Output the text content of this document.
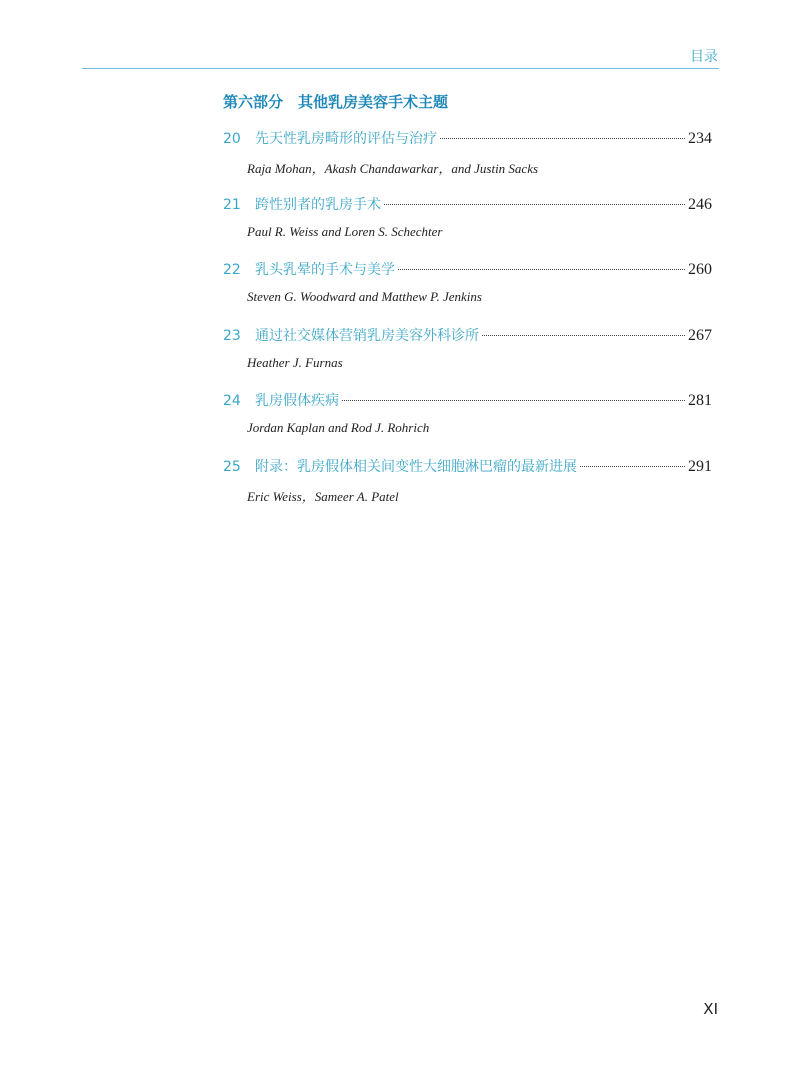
目录
第六部分　其他乳房美容手术主题
20	先天性乳房畸形的评估与治疗	234
Raja Mohan，Akash Chandawarkar，and Justin Sacks
21	跨性别者的乳房手术	246
Paul R. Weiss and Loren S. Schechter
22	乳头乳晕的手术与美学	260
Steven G. Woodward and Matthew P. Jenkins
23	通过社交媒体营销乳房美容外科诊所	267
Heather J. Furnas
24	乳房假体疾病	281
Jordan Kaplan and Rod J. Rohrich
25	附录：乳房假体相关间变性大细胞淋巴瘤的最新进展	291
Eric Weiss，Sameer A. Patel
XI
